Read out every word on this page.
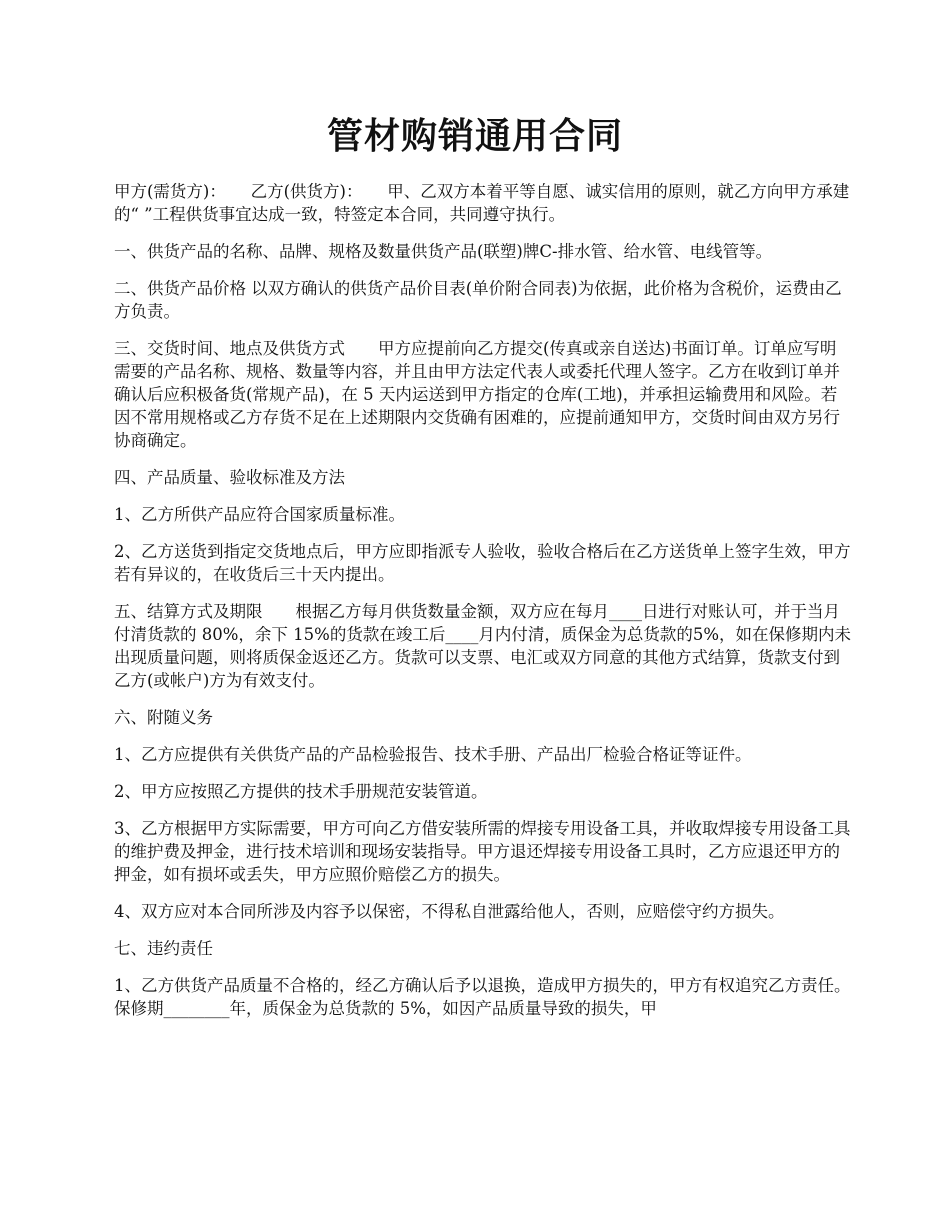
管材购销通用合同

甲方(需货方)：　　乙方(供货方)：　　甲、乙双方本着平等自愿、诚实信用的原则，就乙方向甲方承建的“ ”工程供货事宜达成一致，特签定本合同，共同遵守执行。

一、供货产品的名称、品牌、规格及数量供货产品(联塑)牌C-排水管、给水管、电线管等。

二、供货产品价格 以双方确认的供货产品价目表(单价附合同表)为依据，此价格为含税价，运费由乙方负责。

三、交货时间、地点及供货方式　　甲方应提前向乙方提交(传真或亲自送达)书面订单。订单应写明需要的产品名称、规格、数量等内容，并且由甲方法定代表人或委托代理人签字。乙方在收到订单并确认后应积极备货(常规产品)，在 5 天内运送到甲方指定的仓库(工地)，并承担运输费用和风险。若因不常用规格或乙方存货不足在上述期限内交货确有困难的，应提前通知甲方，交货时间由双方另行协商确定。

四、产品质量、验收标准及方法

1、乙方所供产品应符合国家质量标准。

2、乙方送货到指定交货地点后，甲方应即指派专人验收，验收合格后在乙方送货单上签字生效，甲方若有异议的，在收货后三十天内提出。

五、结算方式及期限　　根据乙方每月供货数量金额，双方应在每月____日进行对账认可，并于当月付清货款的 80%，余下 15%的货款在竣工后____月内付清，质保金为总货款的5%，如在保修期内未出现质量问题，则将质保金返还乙方。货款可以支票、电汇或双方同意的其他方式结算，货款支付到乙方(或帐户)方为有效支付。

六、附随义务

1、乙方应提供有关供货产品的产品检验报告、技术手册、产品出厂检验合格证等证件。

2、甲方应按照乙方提供的技术手册规范安装管道。

3、乙方根据甲方实际需要，甲方可向乙方借安装所需的焊接专用设备工具，并收取焊接专用设备工具的维护费及押金，进行技术培训和现场安装指导。甲方退还焊接专用设备工具时，乙方应退还甲方的押金，如有损坏或丢失，甲方应照价赔偿乙方的损失。

4、双方应对本合同所涉及内容予以保密，不得私自泄露给他人，否则，应赔偿守约方损失。

七、违约责任

1、乙方供货产品质量不合格的，经乙方确认后予以退换，造成甲方损失的，甲方有权追究乙方责任。保修期________年，质保金为总货款的 5%，如因产品质量导致的损失，甲
